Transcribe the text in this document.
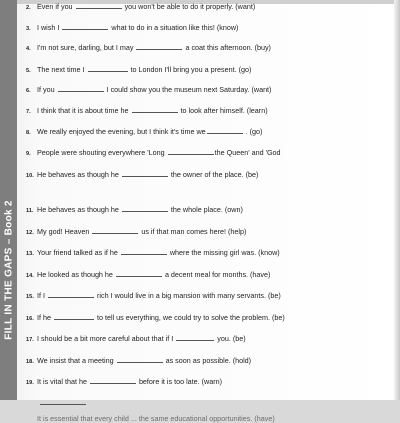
FILL IN THE GAPS – Book 2
2. Even if you	you won't be able to do it properly. (want)
3. I wish I	what to do in a situation like this! (know)
4. I'm not sure, darling, but I may	a coat this afternoon. (buy)
5. The next time I	to London I'll bring you a present. (go)
6. If you	I could show you the museum next Saturday. (want)
7. I think that it is about time he	to look after himself. (learn)
8. We really enjoyed the evening, but I think it's time we	. (go)
9. People were shouting everywhere 'Long	the Queen' and 'God
10. He behaves as though he	the owner of the place. (be)
11. He behaves as though he	the whole place. (own)
12. My god! Heaven	us if that man comes here! (help)
13. Your friend talked as if he	where the missing girl was. (know)
14. He looked as though he	a decent meal for months. (have)
15. If I	rich I would live in a big mansion with many servants. (be)
16. If he	to tell us everything, we could try to solve the problem. (be)
17. I should be a bit more careful about that if I	you. (be)
18. We insist that a meeting	as soon as possible. (hold)
19. It is vital that he	before it is too late. (warn)

It is essential that every child ... the same educational opportunities. (have)
